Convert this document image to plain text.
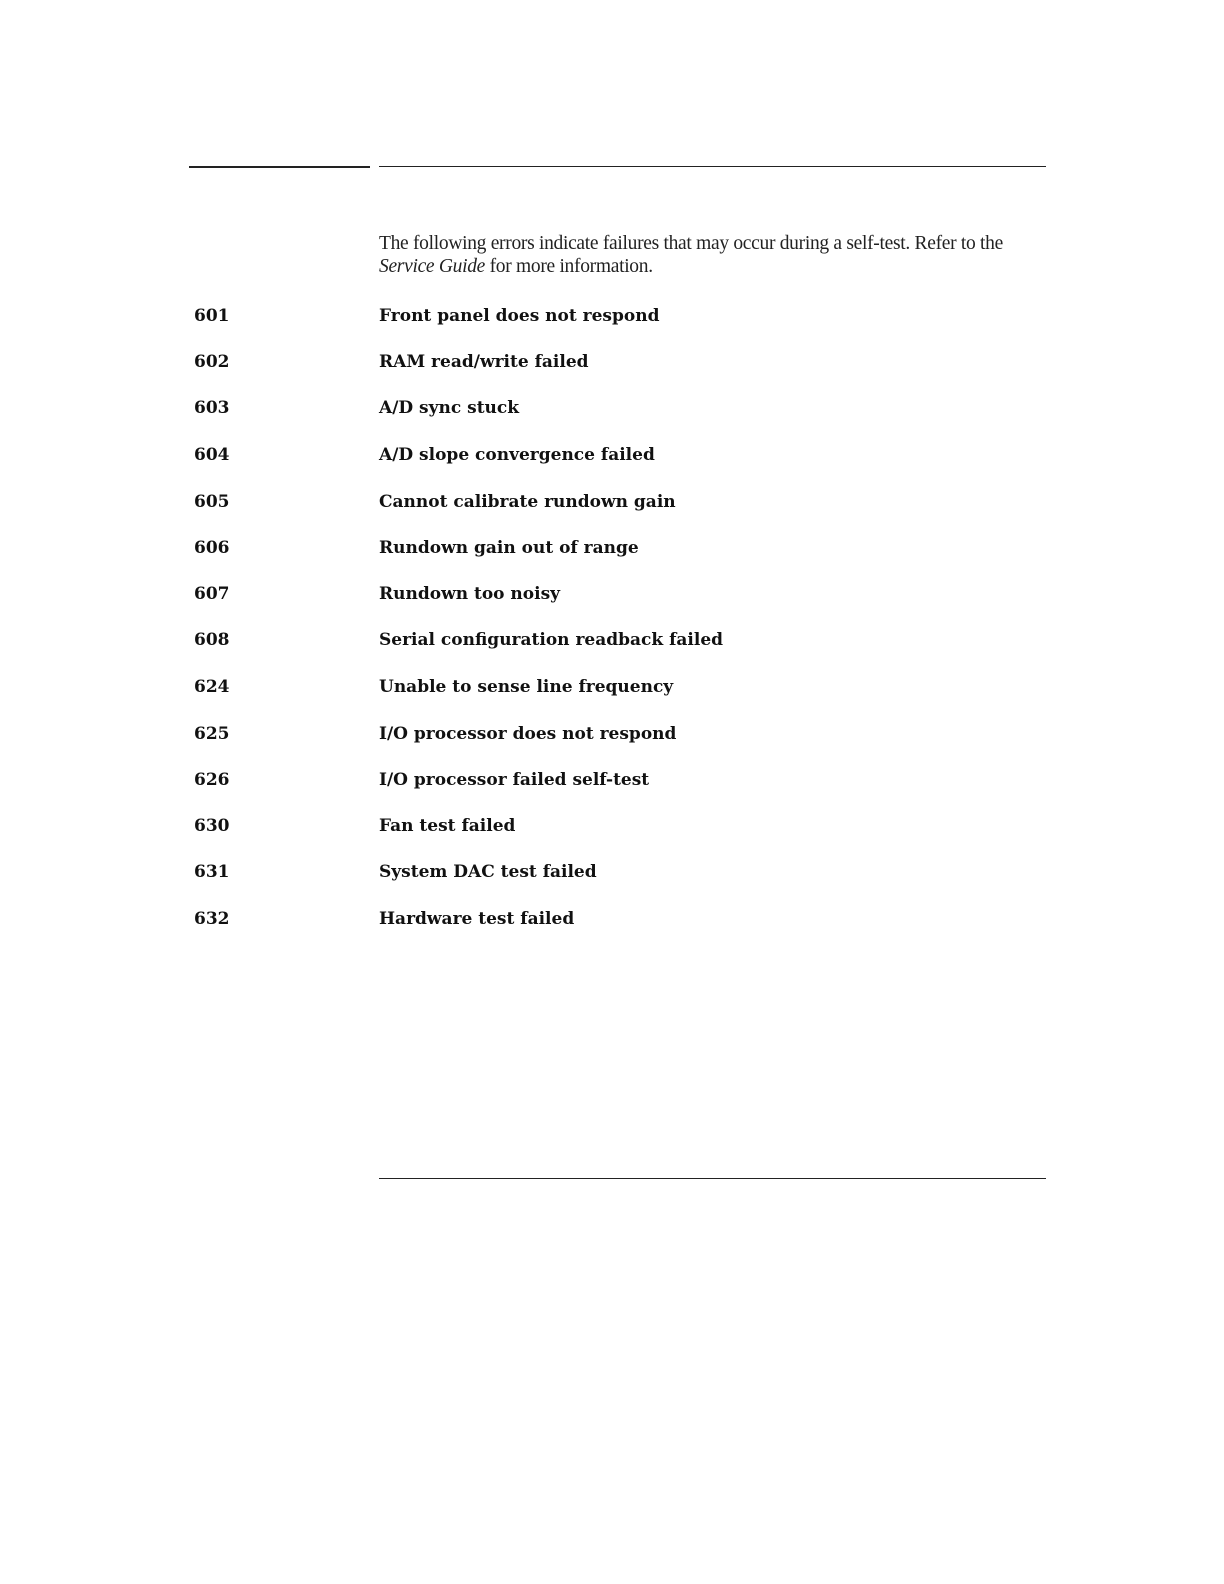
The following errors indicate failures that may occur during a self-test. Refer to the Service Guide for more information.

601	Front panel does not respond
602	RAM read/write failed
603	A/D sync stuck
604	A/D slope convergence failed
605	Cannot calibrate rundown gain
606	Rundown gain out of range
607	Rundown too noisy
608	Serial configuration readback failed
624	Unable to sense line frequency
625	I/O processor does not respond
626	I/O processor failed self-test
630	Fan test failed
631	System DAC test failed
632	Hardware test failed
